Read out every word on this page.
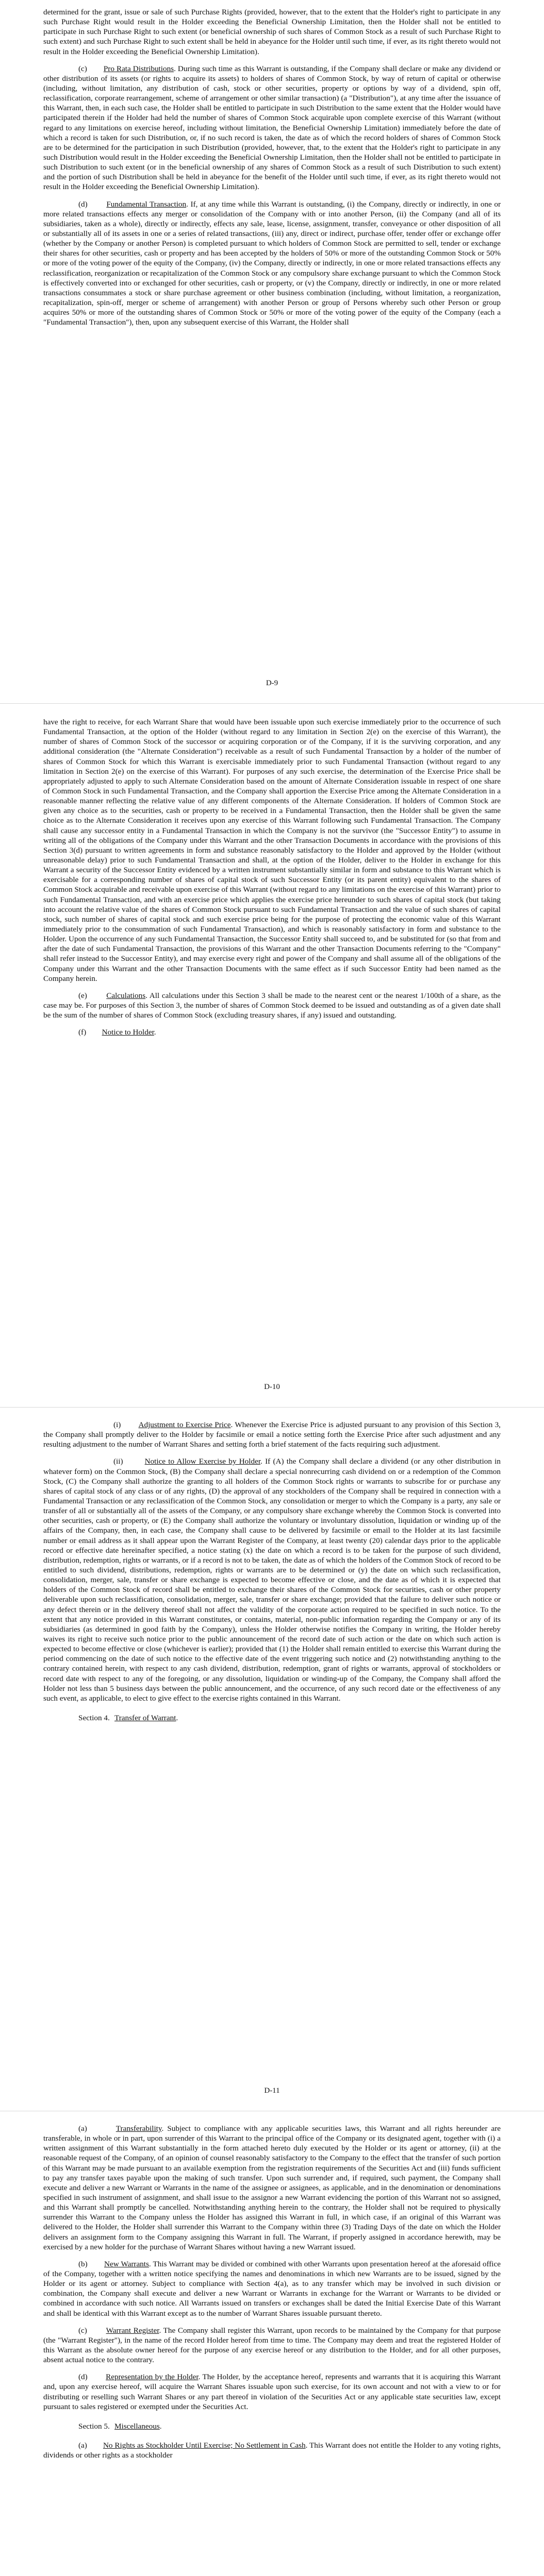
determined for the grant, issue or sale of such Purchase Rights (provided, however, that to the extent that the Holder's right to participate in any such Purchase Right would result in the Holder exceeding the Beneficial Ownership Limitation, then the Holder shall not be entitled to participate in such Purchase Right to such extent (or beneficial ownership of such shares of Common Stock as a result of such Purchase Right to such extent) and such Purchase Right to such extent shall be held in abeyance for the Holder until such time, if ever, as its right thereto would not result in the Holder exceeding the Beneficial Ownership Limitation).

(c) Pro Rata Distributions. During such time as this Warrant is outstanding, if the Company shall declare or make any dividend or other distribution of its assets (or rights to acquire its assets) to holders of shares of Common Stock, by way of return of capital or otherwise (including, without limitation, any distribution of cash, stock or other securities, property or options by way of a dividend, spin off, reclassification, corporate rearrangement, scheme of arrangement or other similar transaction) (a "Distribution"), at any time after the issuance of this Warrant, then, in each such case, the Holder shall be entitled to participate in such Distribution to the same extent that the Holder would have participated therein if the Holder had held the number of shares of Common Stock acquirable upon complete exercise of this Warrant (without regard to any limitations on exercise hereof, including without limitation, the Beneficial Ownership Limitation) immediately before the date of which a record is taken for such Distribution, or, if no such record is taken, the date as of which the record holders of shares of Common Stock are to be determined for the participation in such Distribution (provided, however, that, to the extent that the Holder's right to participate in any such Distribution would result in the Holder exceeding the Beneficial Ownership Limitation, then the Holder shall not be entitled to participate in such Distribution to such extent (or in the beneficial ownership of any shares of Common Stock as a result of such Distribution to such extent) and the portion of such Distribution shall be held in abeyance for the benefit of the Holder until such time, if ever, as its right thereto would not result in the Holder exceeding the Beneficial Ownership Limitation).

(d) Fundamental Transaction. If, at any time while this Warrant is outstanding, (i) the Company, directly or indirectly, in one or more related transactions effects any merger or consolidation of the Company with or into another Person, (ii) the Company (and all of its subsidiaries, taken as a whole), directly or indirectly, effects any sale, lease, license, assignment, transfer, conveyance or other disposition of all or substantially all of its assets in one or a series of related transactions, (iii) any, direct or indirect, purchase offer, tender offer or exchange offer (whether by the Company or another Person) is completed pursuant to which holders of Common Stock are permitted to sell, tender or exchange their shares for other securities, cash or property and has been accepted by the holders of 50% or more of the outstanding Common Stock or 50% or more of the voting power of the equity of the Company, (iv) the Company, directly or indirectly, in one or more related transactions effects any reclassification, reorganization or recapitalization of the Common Stock or any compulsory share exchange pursuant to which the Common Stock is effectively converted into or exchanged for other securities, cash or property, or (v) the Company, directly or indirectly, in one or more related transactions consummates a stock or share purchase agreement or other business combination (including, without limitation, a reorganization, recapitalization, spin-off, merger or scheme of arrangement) with another Person or group of Persons whereby such other Person or group acquires 50% or more of the outstanding shares of Common Stock or 50% or more of the voting power of the equity of the Company (each a "Fundamental Transaction"), then, upon any subsequent exercise of this Warrant, the Holder shall

D-9

have the right to receive, for each Warrant Share that would have been issuable upon such exercise immediately prior to the occurrence of such Fundamental Transaction, at the option of the Holder (without regard to any limitation in Section 2(e) on the exercise of this Warrant), the number of shares of Common Stock of the successor or acquiring corporation or of the Company, if it is the surviving corporation, and any additional consideration (the "Alternate Consideration") receivable as a result of such Fundamental Transaction by a holder of the number of shares of Common Stock for which this Warrant is exercisable immediately prior to such Fundamental Transaction (without regard to any limitation in Section 2(e) on the exercise of this Warrant). For purposes of any such exercise, the determination of the Exercise Price shall be appropriately adjusted to apply to such Alternate Consideration based on the amount of Alternate Consideration issuable in respect of one share of Common Stock in such Fundamental Transaction, and the Company shall apportion the Exercise Price among the Alternate Consideration in a reasonable manner reflecting the relative value of any different components of the Alternate Consideration. If holders of Common Stock are given any choice as to the securities, cash or property to be received in a Fundamental Transaction, then the Holder shall be given the same choice as to the Alternate Consideration it receives upon any exercise of this Warrant following such Fundamental Transaction. The Company shall cause any successor entity in a Fundamental Transaction in which the Company is not the survivor (the "Successor Entity") to assume in writing all of the obligations of the Company under this Warrant and the other Transaction Documents in accordance with the provisions of this Section 3(d) pursuant to written agreements in form and substance reasonably satisfactory to the Holder and approved by the Holder (without unreasonable delay) prior to such Fundamental Transaction and shall, at the option of the Holder, deliver to the Holder in exchange for this Warrant a security of the Successor Entity evidenced by a written instrument substantially similar in form and substance to this Warrant which is exercisable for a corresponding number of shares of capital stock of such Successor Entity (or its parent entity) equivalent to the shares of Common Stock acquirable and receivable upon exercise of this Warrant (without regard to any limitations on the exercise of this Warrant) prior to such Fundamental Transaction, and with an exercise price which applies the exercise price hereunder to such shares of capital stock (but taking into account the relative value of the shares of Common Stock pursuant to such Fundamental Transaction and the value of such shares of capital stock, such number of shares of capital stock and such exercise price being for the purpose of protecting the economic value of this Warrant immediately prior to the consummation of such Fundamental Transaction), and which is reasonably satisfactory in form and substance to the Holder. Upon the occurrence of any such Fundamental Transaction, the Successor Entity shall succeed to, and be substituted for (so that from and after the date of such Fundamental Transaction, the provisions of this Warrant and the other Transaction Documents referring to the "Company" shall refer instead to the Successor Entity), and may exercise every right and power of the Company and shall assume all of the obligations of the Company under this Warrant and the other Transaction Documents with the same effect as if such Successor Entity had been named as the Company herein.

(e) Calculations. All calculations under this Section 3 shall be made to the nearest cent or the nearest 1/100th of a share, as the case may be. For purposes of this Section 3, the number of shares of Common Stock deemed to be issued and outstanding as of a given date shall be the sum of the number of shares of Common Stock (excluding treasury shares, if any) issued and outstanding.

(f) Notice to Holder.

D-10

(i) Adjustment to Exercise Price. Whenever the Exercise Price is adjusted pursuant to any provision of this Section 3, the Company shall promptly deliver to the Holder by facsimile or email a notice setting forth the Exercise Price after such adjustment and any resulting adjustment to the number of Warrant Shares and setting forth a brief statement of the facts requiring such adjustment.

(ii)	Notice to Allow Exercise by Holder. If (A) the Company shall declare a dividend (or any other distribution in whatever form) on the Common Stock, (B) the Company shall declare a special nonrecurring cash dividend on or a redemption of the Common Stock, (C) the Company shall authorize the granting to all holders of the Common Stock rights or warrants to subscribe for or purchase any shares of capital stock of any class or of any rights, (D) the approval of any stockholders of the Company shall be required in connection with a Fundamental Transaction or any reclassification of the Common Stock, any consolidation or merger to which the Company is a party, any sale or transfer of all or substantially all of the assets of the Company, or any compulsory share exchange whereby the Common Stock is converted into other securities, cash or property, or (E) the Company shall authorize the voluntary or involuntary dissolution, liquidation or winding up of the affairs of the Company, then, in each case, the Company shall cause to be delivered by facsimile or email to the Holder at its last facsimile number or email address as it shall appear upon the Warrant Register of the Company, at least twenty (20) calendar days prior to the applicable record or effective date hereinafter specified, a notice stating (x) the date on which a record is to be taken for the purpose of such dividend, distribution, redemption, rights or warrants, or if a record is not to be taken, the date as of which the holders of the Common Stock of record to be entitled to such dividend, distributions, redemption, rights or warrants are to be determined or (y) the date on which such reclassification, consolidation, merger, sale, transfer or share exchange is expected to become effective or close, and the date as of which it is expected that holders of the Common Stock of record shall be entitled to exchange their shares of the Common Stock for securities, cash or other property deliverable upon such reclassification, consolidation, merger, sale, transfer or share exchange; provided that the failure to deliver such notice or any defect therein or in the delivery thereof shall not affect the validity of the corporate action required to be specified in such notice. To the extent that any notice provided in this Warrant constitutes, or contains, material, non-public information regarding the Company or any of its subsidiaries (as determined in good faith by the Company), unless the Holder otherwise notifies the Company in writing, the Holder hereby waives its right to receive such notice prior to the public announcement of the record date of such action or the date on which such action is expected to become effective or close (whichever is earlier); provided that (1) the Holder shall remain entitled to exercise this Warrant during the period commencing on the date of such notice to the effective date of the event triggering such notice and (2) notwithstanding anything to the contrary contained herein, with respect to any cash dividend, distribution, redemption, grant of rights or warrants, approval of stockholders or record date with respect to any of the foregoing, or any dissolution, liquidation or winding-up of the Company, the Company shall afford the Holder not less than 5 business days between the public announcement, and the occurrence, of any such record date or the effectiveness of any such event, as applicable, to elect to give effect to the exercise rights contained in this Warrant.

Section 4. Transfer of Warrant.
D-11

(a)	Transferability. Subject to compliance with any applicable securities laws, this Warrant and all rights hereunder are transferable, in whole or in part, upon surrender of this Warrant to the principal office of the Company or its designated agent, together with (i) a written assignment of this Warrant substantially in the form attached hereto duly executed by the Holder or its agent or attorney, (ii) at the reasonable request of the Company, of an opinion of counsel reasonably satisfactory to the Company to the effect that the transfer of such portion of this Warrant may be made pursuant to an available exemption from the registration requirements of the Securities Act and (iii) funds sufficient to pay any transfer taxes payable upon the making of such transfer. Upon such surrender and, if required, such payment, the Company shall execute and deliver a new Warrant or Warrants in the name of the assignee or assignees, as applicable, and in the denomination or denominations specified in such instrument of assignment, and shall issue to the assignor a new Warrant evidencing the portion of this Warrant not so assigned, and this Warrant shall promptly be cancelled. Notwithstanding anything herein to the contrary, the Holder shall not be required to physically surrender this Warrant to the Company unless the Holder has assigned this Warrant in full, in which case, if an original of this Warrant was delivered to the Holder, the Holder shall surrender this Warrant to the Company within three (3) Trading Days of the date on which the Holder delivers an assignment form to the Company assigning this Warrant in full. The Warrant, if properly assigned in accordance herewith, may be exercised by a new holder for the purchase of Warrant Shares without having a new Warrant issued.

(b) New Warrants. This Warrant may be divided or combined with other Warrants upon presentation hereof at the aforesaid office of the Company, together with a written notice specifying the names and denominations in which new Warrants are to be issued, signed by the Holder or its agent or attorney. Subject to compliance with Section 4(a), as to any transfer which may be involved in such division or combination, the Company shall execute and deliver a new Warrant or Warrants in exchange for the Warrant or Warrants to be divided or combined in accordance with such notice. All Warrants issued on transfers or exchanges shall be dated the Initial Exercise Date of this Warrant and shall be identical with this Warrant except as to the number of Warrant Shares issuable pursuant thereto.

(c) Warrant Register. The Company shall register this Warrant, upon records to be maintained by the Company for that purpose (the "Warrant Register"), in the name of the record Holder hereof from time to time. The Company may deem and treat the registered Holder of this Warrant as the absolute owner hereof for the purpose of any exercise hereof or any distribution to the Holder, and for all other purposes, absent actual notice to the contrary.

(d) Representation by the Holder. The Holder, by the acceptance hereof, represents and warrants that it is acquiring this Warrant and, upon any exercise hereof, will acquire the Warrant Shares issuable upon such exercise, for its own account and not with a view to or for distributing or reselling such Warrant Shares or any part thereof in violation of the Securities Act or any applicable state securities law, except pursuant to sales registered or exempted under the Securities Act.

Section 5. Miscellaneous.

(a) No Rights as Stockholder Until Exercise; No Settlement in Cash. This Warrant does not entitle the Holder to any voting rights, dividends or other rights as a stockholder
